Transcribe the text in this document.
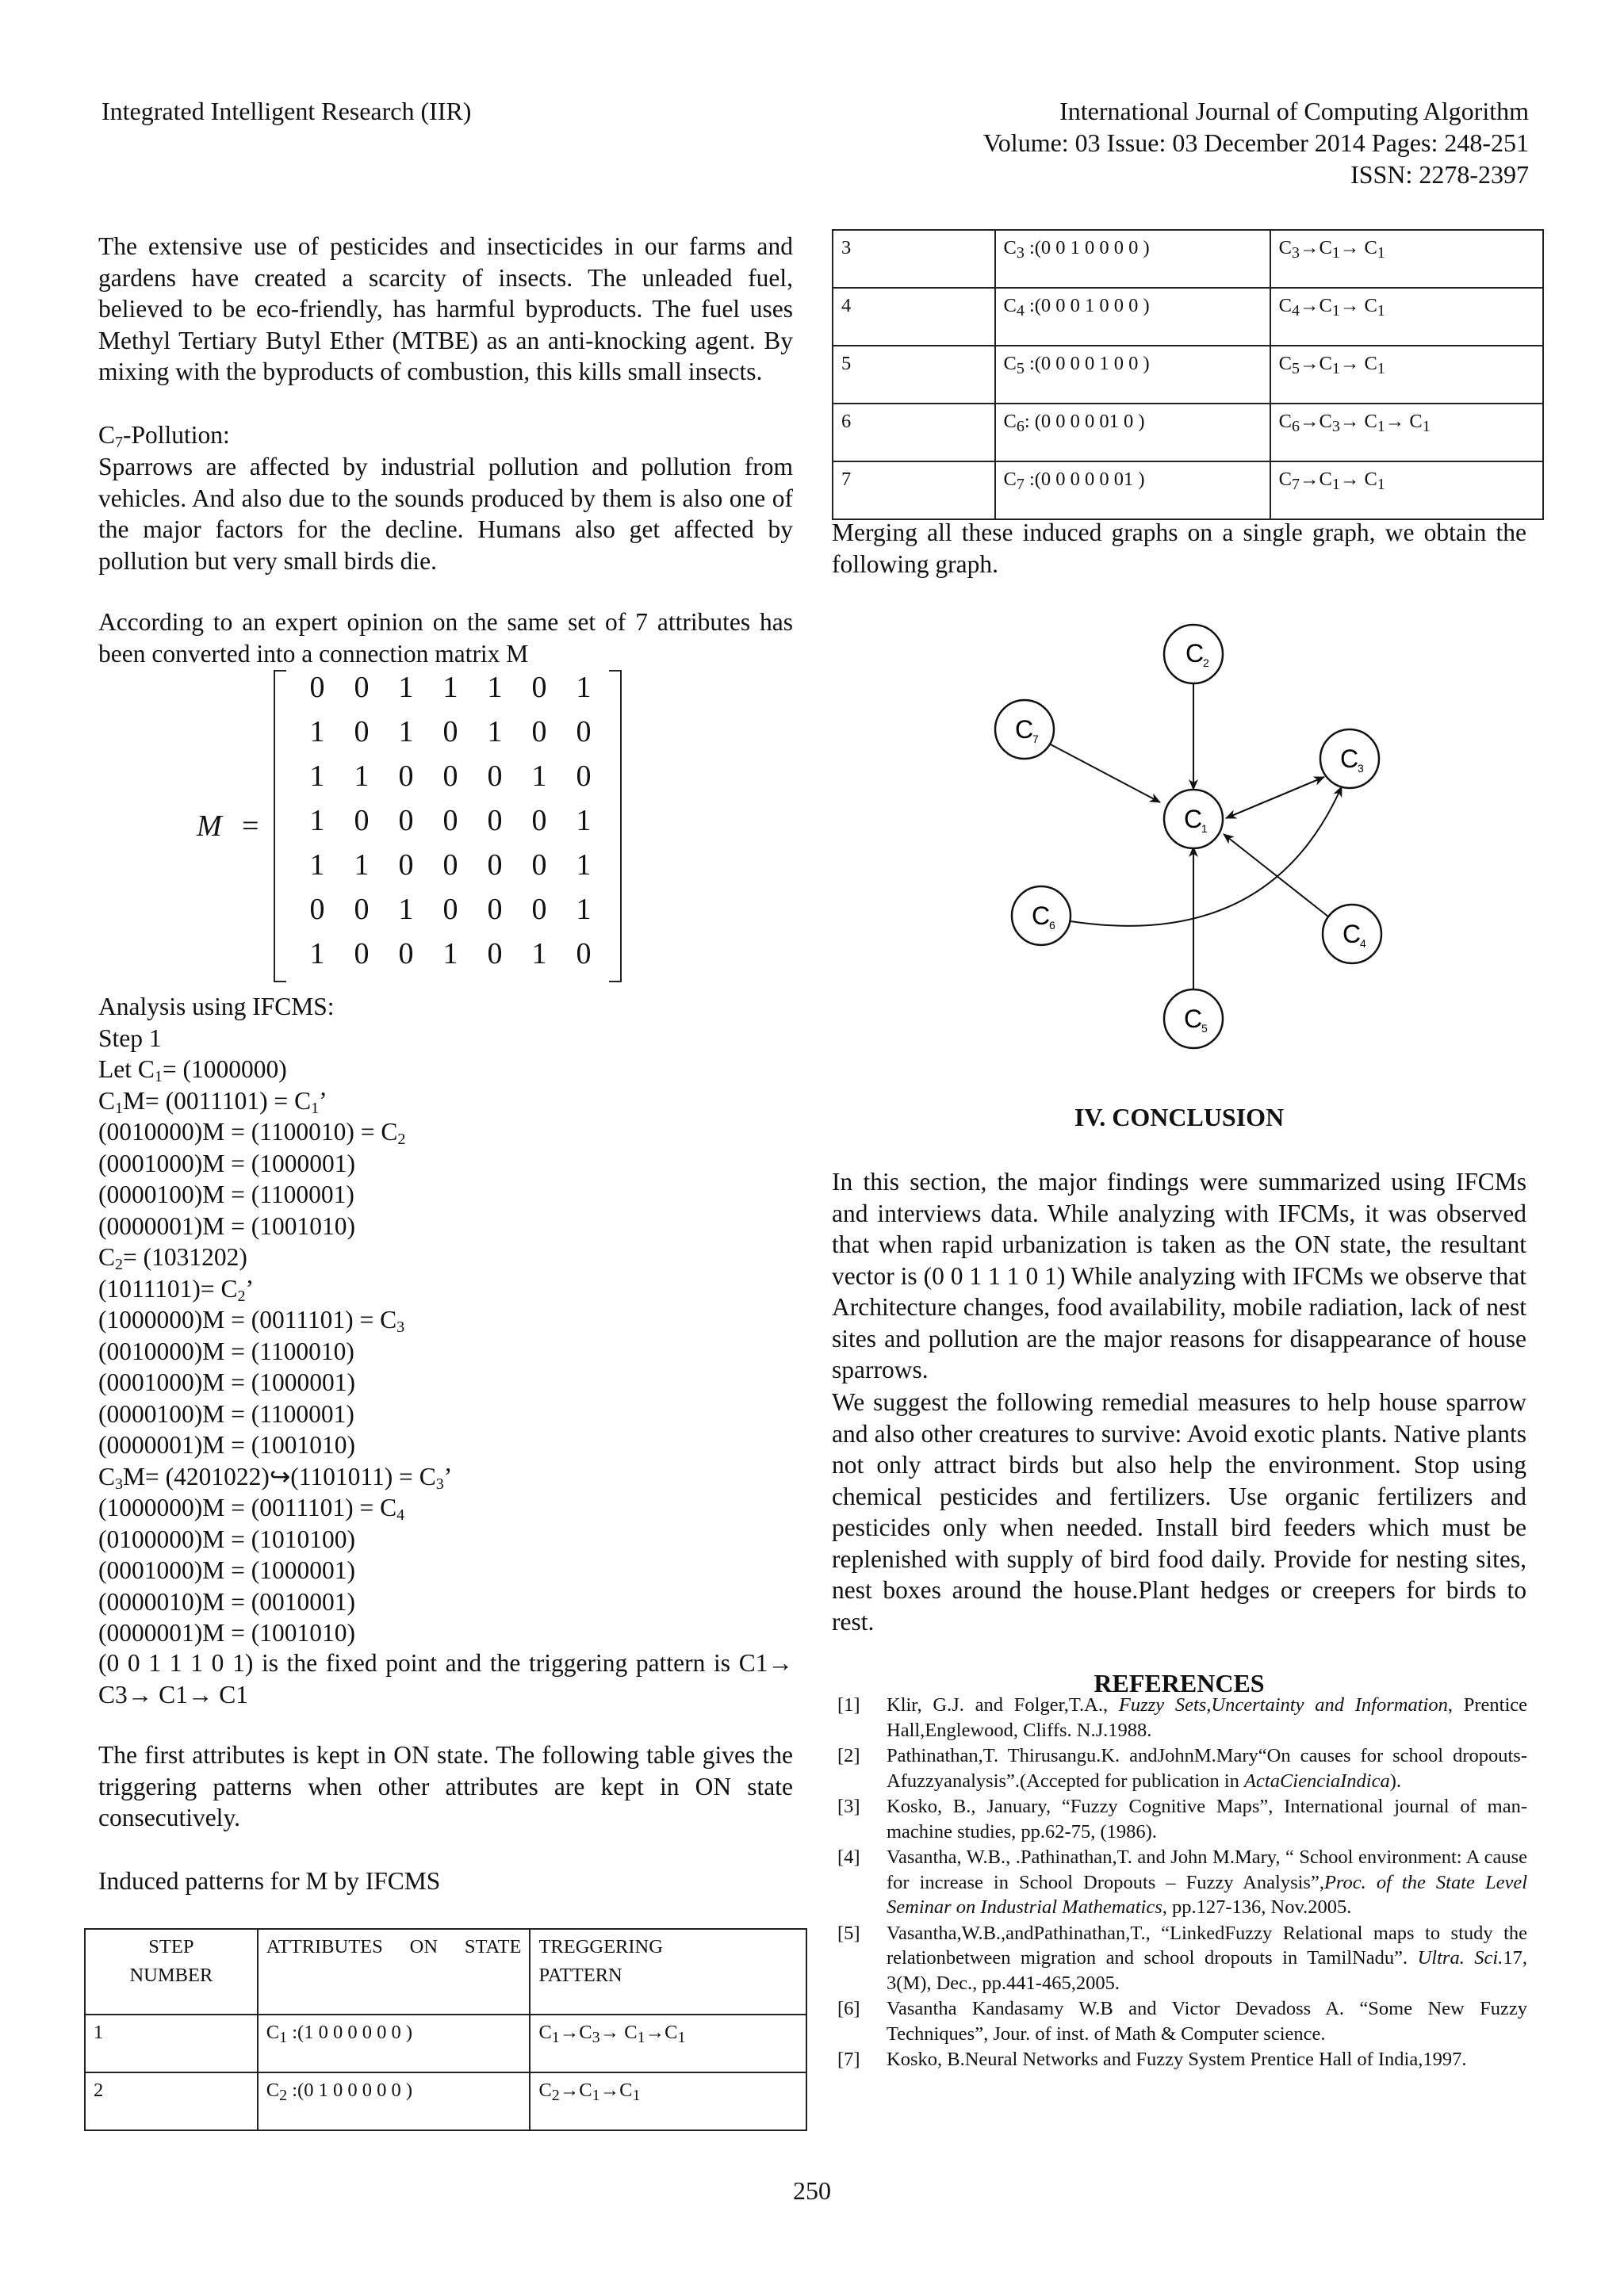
Integrated Intelligent Research (IIR)	International Journal of Computing Algorithm
Volume: 03 Issue: 03 December 2014 Pages: 248-251
ISSN: 2278-2397
The extensive use of pesticides and insecticides in our farms and gardens have created a scarcity of insects. The unleaded fuel, believed to be eco-friendly, has harmful byproducts. The fuel uses Methyl Tertiary Butyl Ether (MTBE) as an anti-knocking agent. By mixing with the byproducts of combustion, this kills small insects.
$C_7$-Pollution:
Sparrows are affected by industrial pollution and pollution from vehicles. And also due to the sounds produced by them is also one of the major factors for the decline. Humans also get affected by pollution but very small birds die.
According to an expert opinion on the same set of 7 attributes has been converted into a connection matrix M
M =
0 0 1 1 1 0 1
1 0 1 0 1 0 0
1 1 0 0 0 1 0
1 0 0 0 0 0 1
1 1 0 0 0 0 1
0 0 1 0 0 0 1
1 0 0 1 0 1 0
Analysis using IFCMS:
Step 1
Let $C_1= (1000000)$
$C_1M= (0011101) = C_1$’
$(0010000)M = (1100010) = C_2$
(0001000)M = (1000001)
(0000100)M = (1100001)
(0000001)M = (1001010)
$C_2= (1031202)$
$(1011101)= C_2$’
$(1000000)M = (0011101) = C_3$
(0010000)M = (1100010)
(0001000)M = (1000001)
(0000100)M = (1100001)
(0000001)M = (1001010)
$C_3M=$ (4201022)↪(1101011) = $C_3$’
$(1000000)M = (0011101) = C_4$
(0100000)M = (1010100)
(0001000)M = (1000001)
(0000010)M = (0010001)
(0000001)M = (1001010)
(0 0 1 1 1 0 1) is the fixed point and the triggering pattern is C1→ C3→ C1→ C1
The first attributes is kept in ON state. The following table gives the triggering patterns when other attributes are kept in ON state consecutively.
Induced patterns for M by IFCMS
STEP NUMBER	ATTRIBUTES ON STATE	TREGGERING PATTERN
1	$C_1$ :(1 0 0 0 0 0 0 )	$C_1\to C_3\to C_1\to C_1$
2	$C_2$ :(0 1 0 0 0 0 0 )	$C_2\to C_1\to C_1$
3	$C_3$ :(0 0 1 0 0 0 0 )	$C_3\to C_1\to C_1$
4	$C_4$ :(0 0 0 1 0 0 0 )	$C_4\to C_1\to C_1$
5	$C_5$ :(0 0 0 0 1 0 0 )	$C_5\to C_1\to C_1$
6	$C_6$: (0 0 0 0 01 0 )	$C_6\to C_3\to C_1\to C_1$
7	$C_7$ :(0 0 0 0 0 01 )	$C_7\to C_1\to C_1$
Merging all these induced graphs on a single graph, we obtain the following graph.
C
2
C
7
C
3
C
1
C
6	C
4
C
5
IV. CONCLUSION
In this section, the major findings were summarized using IFCMs and interviews data. While analyzing with IFCMs, it was observed that when rapid urbanization is taken as the ON state, the resultant vector is (0 0 1 1 1 0 1) While analyzing with IFCMs we observe that Architecture changes, food availability, mobile radiation, lack of nest sites and pollution are the major reasons for disappearance of house sparrows.
We suggest the following remedial measures to help house sparrow and also other creatures to survive: Avoid exotic plants. Native plants not only attract birds but also help the environment. Stop using chemical pesticides and fertilizers. Use organic fertilizers and pesticides only when needed. Install bird feeders which must be replenished with supply of bird food daily. Provide for nesting sites, nest boxes around the house.Plant hedges or creepers for birds to rest.
REFERENCES
[1]	Klir, G.J. and Folger,T.A., Fuzzy Sets,Uncertainty and Information, Prentice Hall,Englewood, Cliffs. N.J.1988.
[2]	Pathinathan,T. Thirusangu.K. andJohnM.Mary“On causes for school dropouts- Afuzzyanalysis”.(Accepted for publication in ActaCienciaIndica).
[3]	Kosko, B., January, “Fuzzy Cognitive Maps”, International journal of man-machine studies, pp.62-75, (1986).
[4]	Vasantha, W.B., .Pathinathan,T. and John M.Mary, “ School environment: A cause for increase in School Dropouts – Fuzzy Analysis”,Proc. of the State Level Seminar on Industrial Mathematics, pp.127-136, Nov.2005.
[5]	Vasantha,W.B.,andPathinathan,T., “LinkedFuzzy Relational maps to study the relationbetween migration and school dropouts in TamilNadu”. Ultra. Sci.17, 3(M), Dec., pp.441-465,2005.
[6]	Vasantha Kandasamy W.B and Victor Devadoss A. “Some New Fuzzy Techniques”, Jour. of inst. of Math & Computer science.
[7]	Kosko, B.Neural Networks and Fuzzy System Prentice Hall of India,1997.
250
